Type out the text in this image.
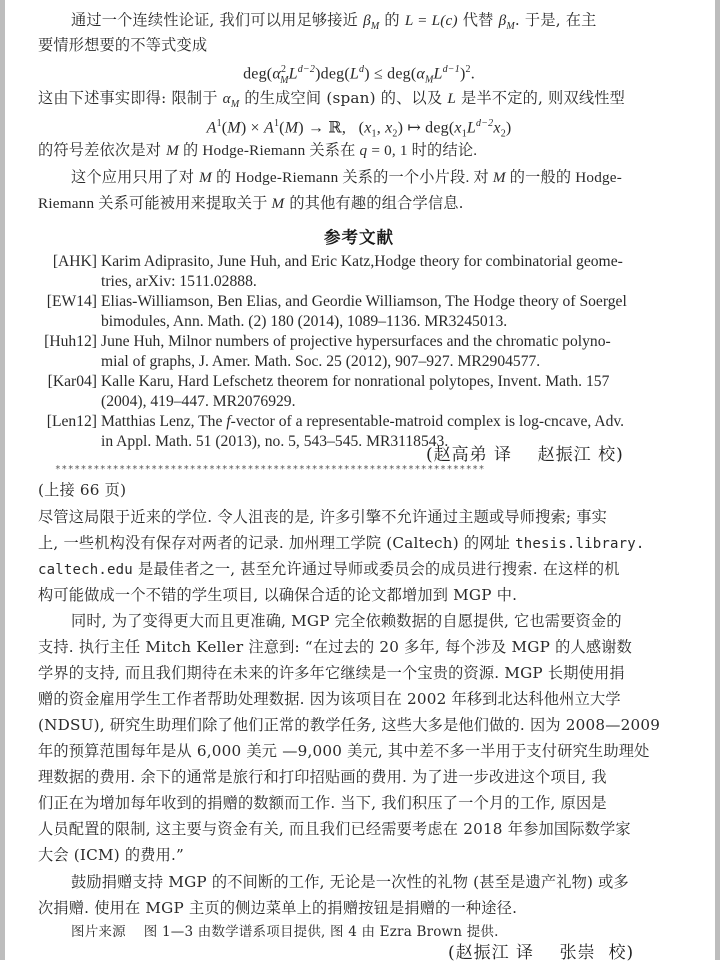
通过一个连续性论证, 我们可以用足够接近 $\beta_M$ 的 L = L(c) 代替 $\beta_M$. 于是, 在主
要情形想要的不等式变成
$deg(\alpha^2_ML^{d-2})deg(L^d) \le deg(\alpha_ML^{d-1})^2$.
这由下述事实即得: 限制于 $\alpha_M$ 的生成空间 (span) 的、以及 L 是半不定的, 则双线性型
$A^1(M) \times A^1(M)$ → ℝ,   ($x_1$, $x_2$) ↦ $deg(x_1L^{d-2}x_2)$
的符号差依次是对 M 的 Hodge-Riemann 关系在 q = 0, 1 时的结论.
这个应用只用了对 M 的 Hodge-Riemann 关系的一个小片段. 对 M 的一般的 Hodge-
Riemann 关系可能被用来提取关于 M 的其他有趣的组合学信息.
参考文献
[AHK] Karim Adiprasito, June Huh, and Eric Katz,Hodge theory for combinatorial geome-
tries, arXiv: 1511.02888.
[EW14] Elias-Williamson, Ben Elias, and Geordie Williamson, The Hodge theory of Soergel
bimodules, Ann. Math. (2) 180 (2014), 1089–1136. MR3245013.
[Huh12] June Huh, Milnor numbers of projective hypersurfaces and the chromatic polyno-
mial of graphs, J. Amer. Math. Soc. 25 (2012), 907–927. MR2904577.
[Kar04] Kalle Karu, Hard Lefschetz theorem for nonrational polytopes, Invent. Math. 157
(2004), 419–447. MR2076929.
[Len12] Matthias Lenz, The f-vector of a representable-matroid complex is log-cncave, Adv.
in Appl. Math. 51 (2013), no. 5, 543–545. MR3118543.
(赵高弟 译 赵振江 校)
*******************************************************************
(上接 66 页)
尽管这局限于近来的学位. 令人沮丧的是, 许多引擎不允许通过主题或导师搜索; 事实
上, 一些机构没有保存对两者的记录. 加州理工学院 (Caltech) 的网址 thesis.library.
caltech.edu 是最佳者之一, 甚至允许通过导师或委员会的成员进行搜索. 在这样的机
构可能做成一个不错的学生项目, 以确保合适的论文都增加到 MGP 中.
同时, 为了变得更大而且更准确, MGP 完全依赖数据的自愿提供, 它也需要资金的
支持. 执行主任 Mitch Keller 注意到: “在过去的 20 多年, 每个涉及 MGP 的人感谢数
学界的支持, 而且我们期待在未来的许多年它继续是一个宝贵的资源. MGP 长期使用捐
赠的资金雇用学生工作者帮助处理数据. 因为该项目在 2002 年移到北达科他州立大学
(NDSU), 研究生助理们除了他们正常的教学任务, 这些大多是他们做的. 因为 2008—2009
年的预算范围每年是从 6,000 美元 —9,000 美元, 其中差不多一半用于支付研究生助理处
理数据的费用. 余下的通常是旅行和打印招贴画的费用. 为了进一步改进这个项目, 我
们正在为增加每年收到的捐赠的数额而工作. 当下, 我们积压了一个月的工作, 原因是
人员配置的限制, 这主要与资金有关, 而且我们已经需要考虑在 2018 年参加国际数学家
大会 (ICM) 的费用.”
鼓励捐赠支持 MGP 的不间断的工作, 无论是一次性的礼物 (甚至是遗产礼物) 或多
次捐赠. 使用在 MGP 主页的侧边菜单上的捐赠按钮是捐赠的一种途径.
图片来源 图 1—3 由数学谱系项目提供, 图 4 由 Ezra Brown 提供.
(赵振江 译 张崇 校)
